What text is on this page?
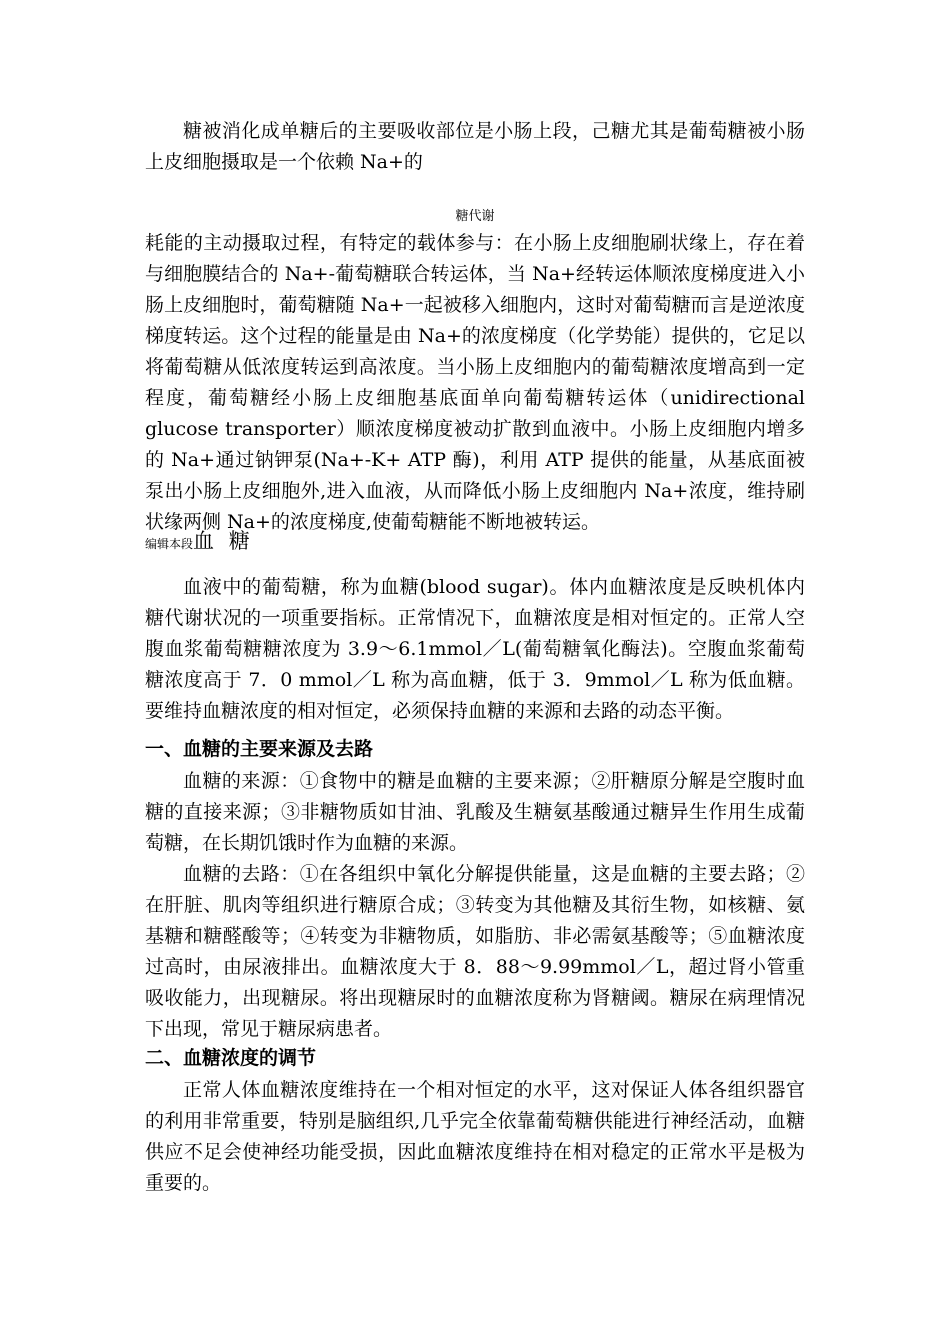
糖被消化成单糖后的主要吸收部位是小肠上段，己糖尤其是葡萄糖被小肠上皮细胞摄取是一个依赖 Na+的

糖代谢

耗能的主动摄取过程，有特定的载体参与：在小肠上皮细胞刷状缘上，存在着与细胞膜结合的 Na+-葡萄糖联合转运体，当 Na+经转运体顺浓度梯度进入小肠上皮细胞时，葡萄糖随 Na+一起被移入细胞内，这时对葡萄糖而言是逆浓度梯度转运。这个过程的能量是由 Na+的浓度梯度（化学势能）提供的，它足以将葡萄糖从低浓度转运到高浓度。当小肠上皮细胞内的葡萄糖浓度增高到一定程度，葡萄糖经小肠上皮细胞基底面单向葡萄糖转运体（unidirectional glucose transporter）顺浓度梯度被动扩散到血液中。小肠上皮细胞内增多的 Na+通过钠钾泵(Na+-K+ ATP 酶)，利用 ATP 提供的能量，从基底面被泵出小肠上皮细胞外,进入血液，从而降低小肠上皮细胞内 Na+浓度，维持刷状缘两侧 Na+的浓度梯度,使葡萄糖能不断地被转运。

编辑本段血 糖

血液中的葡萄糖，称为血糖(blood sugar)。体内血糖浓度是反映机体内糖代谢状况的一项重要指标。正常情况下，血糖浓度是相对恒定的。正常人空腹血浆葡萄糖糖浓度为 3.9～6.1mmol／L(葡萄糖氧化酶法)。空腹血浆葡萄糖浓度高于 7．0 mmol／L 称为高血糖，低于 3．9mmol／L 称为低血糖。要维持血糖浓度的相对恒定，必须保持血糖的来源和去路的动态平衡。

一、血糖的主要来源及去路

血糖的来源：①食物中的糖是血糖的主要来源；②肝糖原分解是空腹时血糖的直接来源；③非糖物质如甘油、乳酸及生糖氨基酸通过糖异生作用生成葡萄糖，在长期饥饿时作为血糖的来源。

血糖的去路：①在各组织中氧化分解提供能量，这是血糖的主要去路；②在肝脏、肌肉等组织进行糖原合成；③转变为其他糖及其衍生物，如核糖、氨基糖和糖醛酸等；④转变为非糖物质，如脂肪、非必需氨基酸等；⑤血糖浓度过高时，由尿液排出。血糖浓度大于 8．88～9.99mmol／L，超过肾小管重吸收能力，出现糖尿。将出现糖尿时的血糖浓度称为肾糖阈。糖尿在病理情况下出现，常见于糖尿病患者。

二、血糖浓度的调节

正常人体血糖浓度维持在一个相对恒定的水平，这对保证人体各组织器官的利用非常重要，特别是脑组织,几乎完全依靠葡萄糖供能进行神经活动，血糖供应不足会使神经功能受损，因此血糖浓度维持在相对稳定的正常水平是极为重要的。
